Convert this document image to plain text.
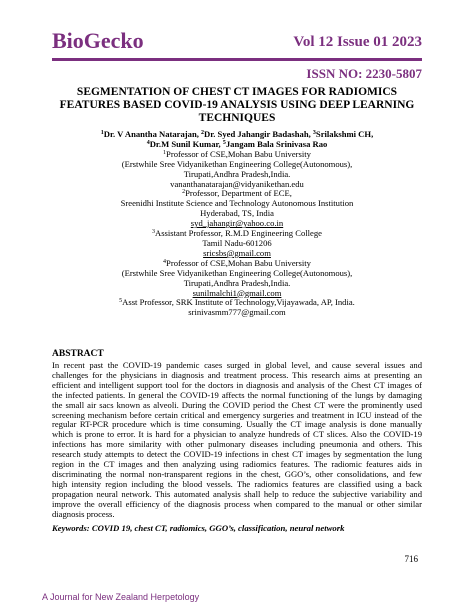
BioGecko	Vol 12 Issue 01 2023
ISSN NO: 2230-5807
SEGMENTATION OF CHEST CT IMAGES FOR RADIOMICS
FEATURES BASED COVID-19 ANALYSIS USING DEEP LEARNING
TECHNIQUES
$^1$Dr. V Anantha Natarajan, $^2$Dr. Syed Jahangir Badashah, $^3$Srilakshmi CH,
$^4$Dr.M Sunil Kumar, $^5$Jangam Bala Srinivasa Rao
$^1$Professor of CSE,Mohan Babu University
(Erstwhile Sree Vidyanikethan Engineering College(Autonomous),
Tirupati,Andhra Pradesh,India.
vananthanatarajan@vidyanikethan.edu
$^2$Professor, Department of ECE,
Sreenidhi Institute Science and Technology Autonomous Institution
Hyderabad, TS, India
syd_jahangir@yahoo.co.in
$^3$Assistant Professor, R.M.D Engineering College
Tamil Nadu-601206
sricsbs@gmail.com
$^4$Professor of CSE,Mohan Babu University
(Erstwhile Sree Vidyanikethan Engineering College(Autonomous),
Tirupati,Andhra Pradesh,India.
sunilmalchi1@gmail.com
$^5$Asst Professor, SRK Institute of Technology,Vijayawada, AP, India.
srinivasmm777@gmail.com
ABSTRACT
In recent past the COVID-19 pandemic cases surged in global level, and cause several issues and
challenges for the physicians in diagnosis and treatment process. This research aims at presenting an
efficient and intelligent support tool for the doctors in diagnosis and analysis of the Chest CT images of
the infected patients. In general the COVID-19 affects the normal functioning of the lungs by damaging
the small air sacs known as alveoli. During the COVID period the Chest CT were the prominently used
screening mechanism before certain critical and emergency surgeries and treatment in ICU instead of the
regular RT-PCR procedure which is time consuming. Usually the CT image analysis is done manually
which is prone to error. It is hard for a physician to analyze hundreds of CT slices. Also the COVID-19
infections has more similarity with other pulmonary diseases including pneumonia and others. This
research study attempts to detect the COVID-19 infections in chest CT images by segmentation the lung
region in the CT images and then analyzing using radiomics features. The radiomic features aids in
discriminating the normal non-transparent regions in the chest, GGO’s, other consolidations, and few
high intensity region including the blood vessels. The radiomics features are classified using a back
propagation neural network. This automated analysis shall help to reduce the subjective variability and
improve the overall efficiency of the diagnosis process when compared to the manual or other similar
diagnosis process.
Keywords: COVID 19, chest CT, radiomics, GGO’s, classification, neural network
716
A Journal for New Zealand Herpetology
